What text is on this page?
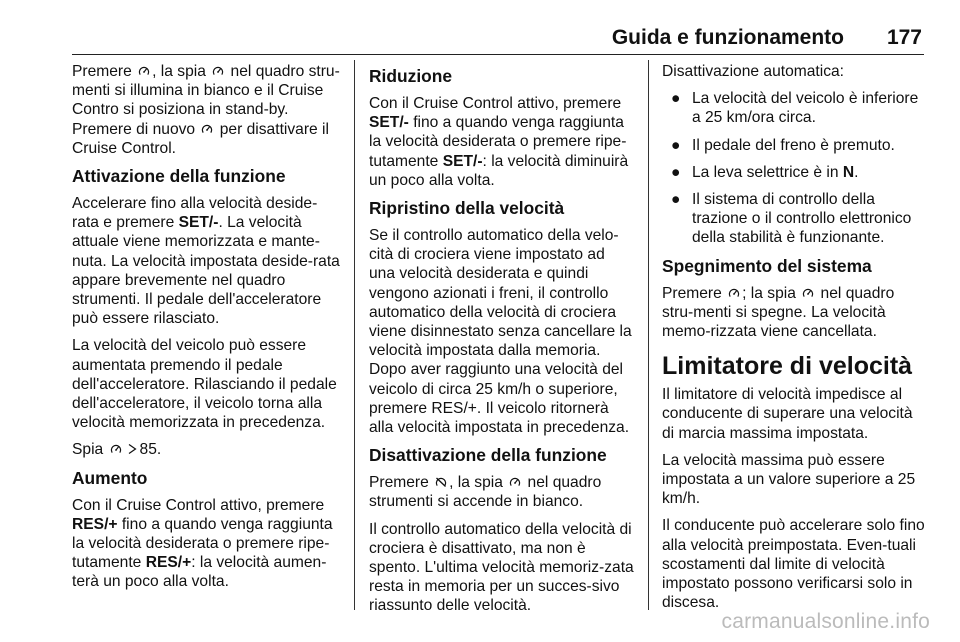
Guida e funzionamento 177

Premere
, la spia
nel quadro stru-menti si illumina in bianco e il Cruise Contro si posiziona in stand-by. Premere di nuovo
per disattivare il Cruise Control.

Attivazione della funzione

Accelerare fino alla velocità deside-rata e premere SET/-. La velocità attuale viene memorizzata e mante-nuta. La velocità impostata deside-rata appare brevemente nel quadro strumenti. Il pedale dell'acceleratore può essere rilasciato.

La velocità del veicolo può essere aumentata premendo il pedale dell'acceleratore. Rilasciando il pedale dell'acceleratore, il veicolo torna alla velocità memorizzata in precedenza.

Spia
85.

Aumento

Con il Cruise Control attivo, premere RES/+ fino a quando venga raggiunta la velocità desiderata o premere ripe-tutamente RES/+: la velocità aumen-terà un poco alla volta.

Riduzione

Con il Cruise Control attivo, premere SET/- fino a quando venga raggiunta la velocità desiderata o premere ripe-tutamente SET/-: la velocità diminuirà un poco alla volta.

Ripristino della velocità

Se il controllo automatico della velo-cità di crociera viene impostato ad una velocità desiderata e quindi vengono azionati i freni, il controllo automatico della velocità di crociera viene disinnestato senza cancellare la velocità impostata dalla memoria. Dopo aver raggiunto una velocità del veicolo di circa 25 km/h o superiore, premere RES/+. Il veicolo ritornerà alla velocità impostata in precedenza.

Disattivazione della funzione

Premere
, la spia
nel quadro strumenti si accende in bianco.

Il controllo automatico della velocità di crociera è disattivato, ma non è spento. L'ultima velocità memoriz-zata resta in memoria per un succes-sivo riassunto delle velocità.

Disattivazione automatica:

● La velocità del veicolo è inferiore a 25 km/ora circa.
● Il pedale del freno è premuto.
● La leva selettrice è in N.
● Il sistema di controllo della trazione o il controllo elettronico della stabilità è funzionante.
Spegnimento del sistema

Premere
; la spia
nel quadro stru-menti si spegne. La velocità memo-rizzata viene cancellata.

Limitatore di velocità

Il limitatore di velocità impedisce al conducente di superare una velocità di marcia massima impostata.

La velocità massima può essere impostata a un valore superiore a 25 km/h.

Il conducente può accelerare solo fino alla velocità preimpostata. Even-tuali scostamenti dal limite di velocità impostato possono verificarsi solo in discesa.

carmanualsonline.info
